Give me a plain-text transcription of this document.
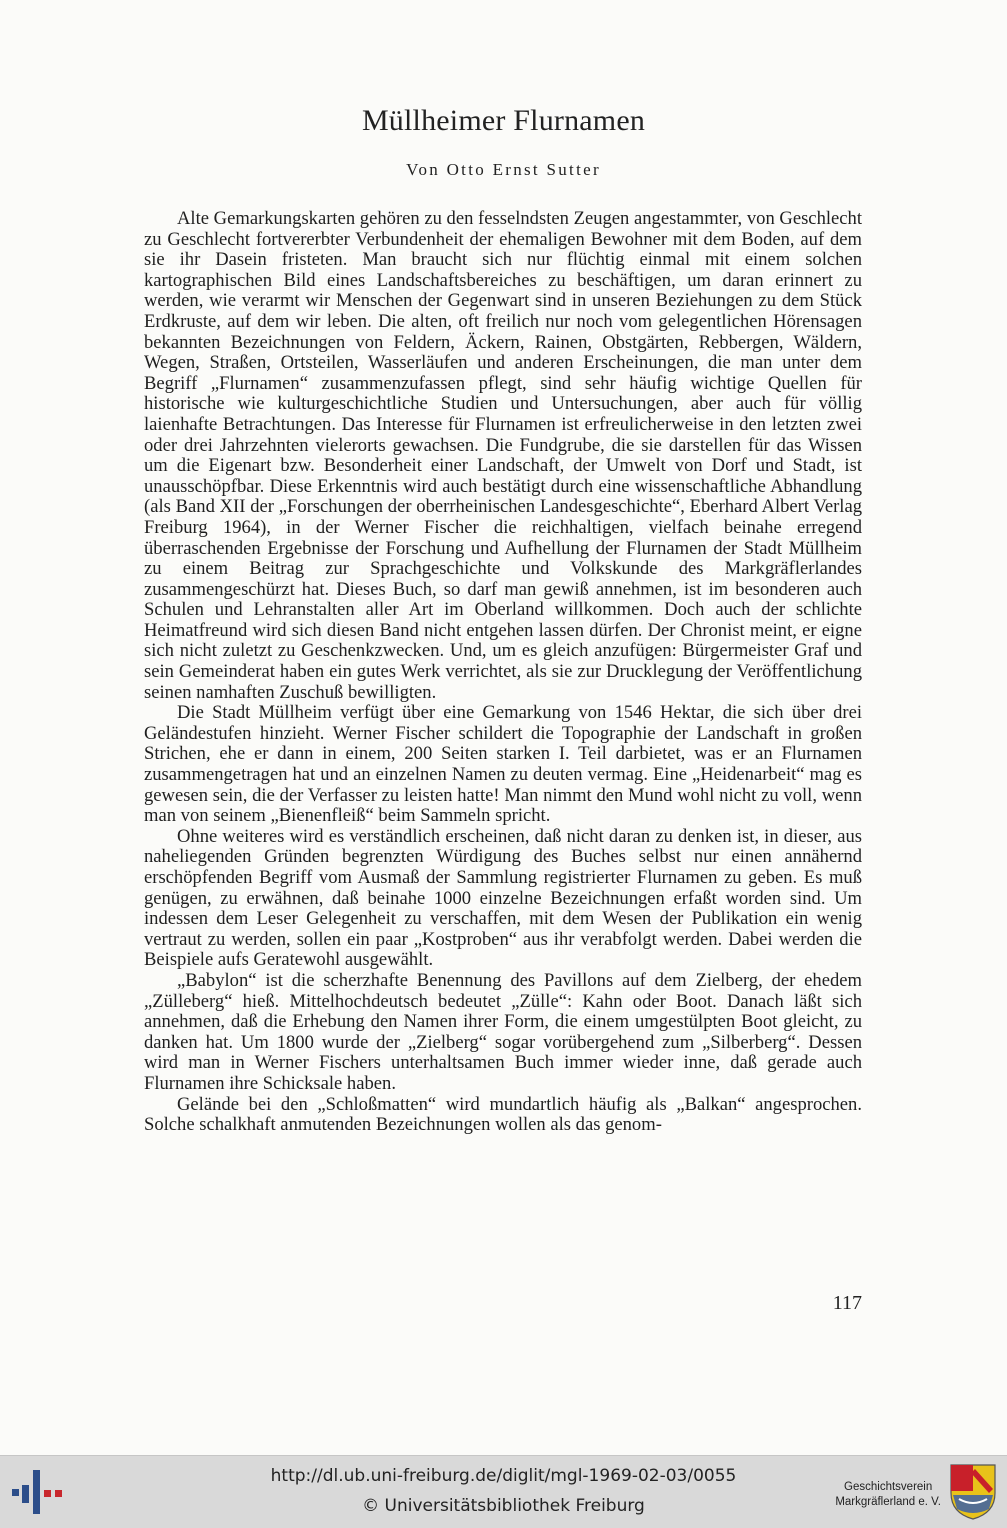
Müllheimer Flurnamen
Von Otto Ernst Sutter

Alte Gemarkungskarten gehören zu den fesselndsten Zeugen angestammter, von Geschlecht zu Geschlecht fortvererbter Verbundenheit der ehemaligen Bewohner mit dem Boden, auf dem sie ihr Dasein fristeten. Man braucht sich nur flüchtig einmal mit einem solchen kartographischen Bild eines Landschaftsbereiches zu beschäftigen, um daran erinnert zu werden, wie verarmt wir Menschen der Gegenwart sind in unseren Beziehungen zu dem Stück Erdkruste, auf dem wir leben. Die alten, oft freilich nur noch vom gelegentlichen Hörensagen bekannten Bezeichnungen von Feldern, Äckern, Rainen, Obstgärten, Rebbergen, Wäldern, Wegen, Straßen, Ortsteilen, Wasserläufen und anderen Erscheinungen, die man unter dem Begriff „Flurnamen“ zusammenzufassen pflegt, sind sehr häufig wichtige Quellen für historische wie kulturgeschichtliche Studien und Untersuchungen, aber auch für völlig laienhafte Betrachtungen. Das Interesse für Flurnamen ist erfreulicherweise in den letzten zwei oder drei Jahrzehnten vielerorts gewachsen. Die Fundgrube, die sie darstellen für das Wissen um die Eigenart bzw. Besonderheit einer Landschaft, der Umwelt von Dorf und Stadt, ist unausschöpfbar. Diese Erkenntnis wird auch bestätigt durch eine wissenschaftliche Abhandlung (als Band XII der „Forschungen der oberrheinischen Landesgeschichte“, Eberhard Albert Verlag Freiburg 1964), in der Werner Fischer die reichhaltigen, vielfach beinahe erregend überraschenden Ergebnisse der Forschung und Aufhellung der Flurnamen der Stadt Müllheim zu einem Beitrag zur Sprachgeschichte und Volkskunde des Markgräflerlandes zusammengeschürzt hat. Dieses Buch, so darf man gewiß annehmen, ist im besonderen auch Schulen und Lehranstalten aller Art im Oberland willkommen. Doch auch der schlichte Heimatfreund wird sich diesen Band nicht entgehen lassen dürfen. Der Chronist meint, er eigne sich nicht zuletzt zu Geschenkzwecken. Und, um es gleich anzufügen: Bürgermeister Graf und sein Gemeinderat haben ein gutes Werk verrichtet, als sie zur Drucklegung der Veröffentlichung seinen namhaften Zuschuß bewilligten.

Die Stadt Müllheim verfügt über eine Gemarkung von 1546 Hektar, die sich über drei Geländestufen hinzieht. Werner Fischer schildert die Topographie der Landschaft in großen Strichen, ehe er dann in einem, 200 Seiten starken I. Teil darbietet, was er an Flurnamen zusammengetragen hat und an einzelnen Namen zu deuten vermag. Eine „Heidenarbeit“ mag es gewesen sein, die der Verfasser zu leisten hatte! Man nimmt den Mund wohl nicht zu voll, wenn man von seinem „Bienenfleiß“ beim Sammeln spricht.

Ohne weiteres wird es verständlich erscheinen, daß nicht daran zu denken ist, in dieser, aus naheliegenden Gründen begrenzten Würdigung des Buches selbst nur einen annähernd erschöpfenden Begriff vom Ausmaß der Sammlung registrierter Flurnamen zu geben. Es muß genügen, zu erwähnen, daß beinahe 1000 einzelne Bezeichnungen erfaßt worden sind. Um indessen dem Leser Gelegenheit zu verschaffen, mit dem Wesen der Publikation ein wenig vertraut zu werden, sollen ein paar „Kostproben“ aus ihr verabfolgt werden. Dabei werden die Beispiele aufs Geratewohl ausgewählt.

„Babylon“ ist die scherzhafte Benennung des Pavillons auf dem Zielberg, der ehedem „Zülleberg“ hieß. Mittelhochdeutsch bedeutet „Zülle“: Kahn oder Boot. Danach läßt sich annehmen, daß die Erhebung den Namen ihrer Form, die einem umgestülpten Boot gleicht, zu danken hat. Um 1800 wurde der „Zielberg“ sogar vorübergehend zum „Silberberg“. Dessen wird man in Werner Fischers unterhaltsamen Buch immer wieder inne, daß gerade auch Flurnamen ihre Schicksale haben.

Gelände bei den „Schloßmatten“ wird mundartlich häufig als „Balkan“ angesprochen. Solche schalkhaft anmutenden Bezeichnungen wollen als das genom-

117
http://dl.ub.uni-freiburg.de/diglit/mgl-1969-02-03/0055
© Universitätsbibliothek Freiburg
Geschichtsverein
Markgräflerland e. V.
